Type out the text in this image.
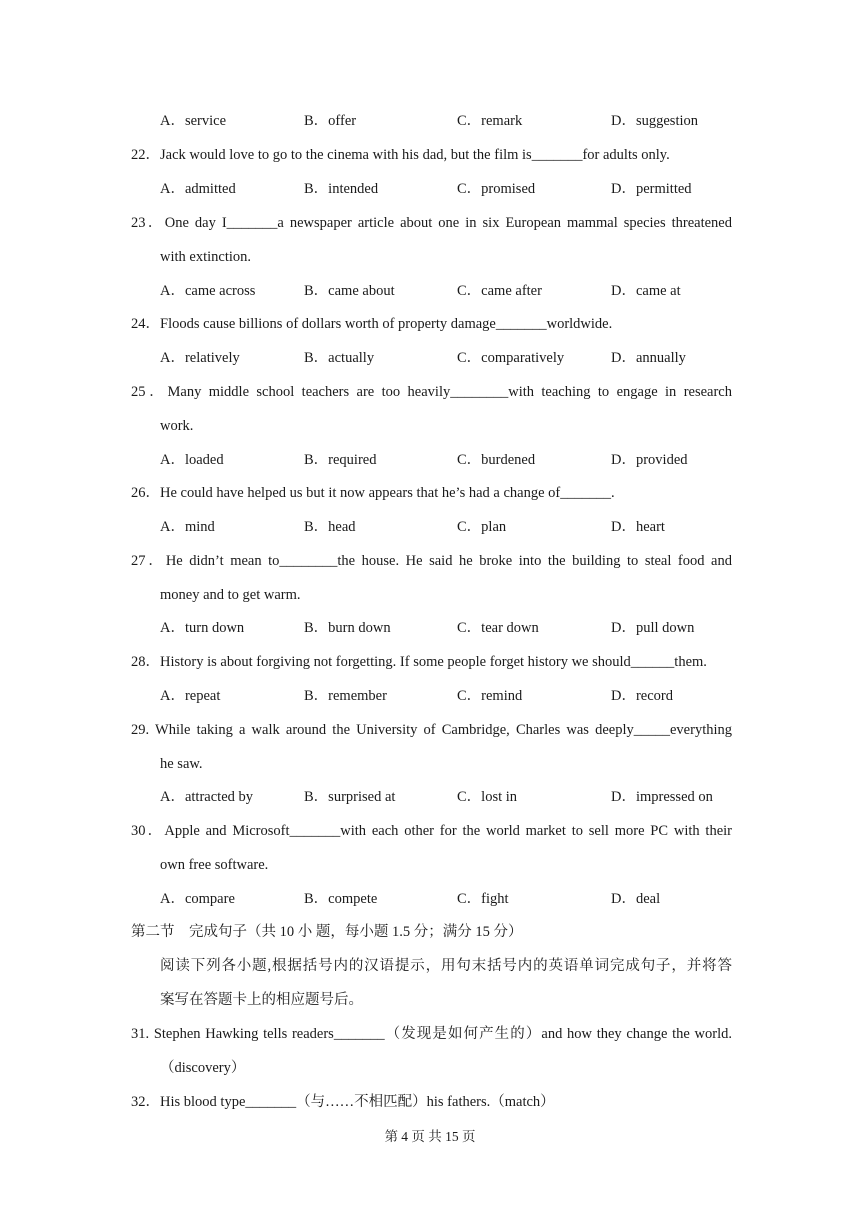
A．service	B．offer	C．remark	D．suggestion
22．Jack would love to go to the cinema with his dad, but the film is_______for adults only.
A．admitted	B．intended	C．promised	D．permitted
23．One day I_______a newspaper article about one in six European mammal species threatened
with extinction.
A．came across	B．came about	C．came after	D．came at
24．Floods cause billions of dollars worth of property damage_______worldwide.
A．relatively	B．actually	C．comparatively	D．annually
25．Many middle school teachers are too heavily________with teaching to engage in research
work.
A．loaded	B．required	C．burdened	D．provided
26．He could have helped us but it now appears that he’s had a change of_______.
A．mind	B．head	C．plan	D．heart
27．He didn’t mean to________the house. He said he broke into the building to steal food and
money and to get warm.
A．turn down	B．burn down	C．tear down	D．pull down
28．History is about forgiving not forgetting. If some people forget history we should______them.
A．repeat	B．remember	C．remind	D．record
29. While taking a walk around the University of Cambridge, Charles was deeply_____everything
he saw.
A．attracted by	B．surprised at	C．lost in	D．impressed on
30．Apple and Microsoft_______with each other for the world market to sell more PC with their
own free software.
A．compare	B．compete	C．fight	D．deal
第二节　完成句子（共 10 小 题，每小题 1.5 分；满分 15 分）
阅读下列各小题,根据括号内的汉语提示，用句末括号内的英语单词完成句子，并将答
案写在答题卡上的相应题号后。
31. Stephen Hawking tells readers_______（发现是如何产生的）and how they change the world.
（discovery）
32．His blood type_______（与……不相匹配）his fathers.（match）
第 4 页 共 15 页
